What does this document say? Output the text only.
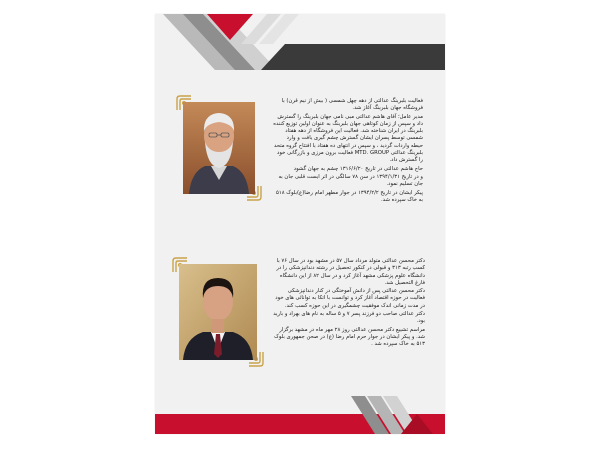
فعالیت بلبرینگ عدالتی از دهه چهل شمسی ( بیش از نیم قرن) با فروشگاه جهان بلبرینگ آغاز شد.

مدیر عامل؛ آقای هاشم عدالتی مبی نامی جهان بلبرینگ را گسترش داد و سپس از زمان کوتاهی جهان بلبرینگ به عنوان اولین توزیع کننده بلبرینگ در ایران شناخته شد. فعالیت این فروشگاه از دهه هفتاد شمسی توسط پسران ایشان گسترش چشم گیری یافت و وارد حیطه واردات گردید ، و سپس در انتهای ده هفتاد با افتتاح گروه متحد بلبرینگ عدالتی MTD. GROUP فعالیت برون مرزی و بازرگانی خود را گسترش داد.

حاج هاشم عدالتی در تاریخ ۱۳۱۶/۶/۲۰ چشم به جهان گشود

و در تاریخ ۱۳۹۴/۱/۳۱ در سن ۷۸ سالگی در اثر ایست قلبی جان به جان تسلیم نمود.

پیکر ایشان در تاریخ ۱۳۹۴/۲/۲ در جوار مطهر امام رضا(ع)بلوک ۵۱۸ به خاک سپرده شد.

دکتر محسن عدالتی متولد مرداد سال ۵۷ در مشهد بود در سال ۷۶ با کسب رتبه ۳۱۳ و قبولی در کنکور تحصیل در رشته دندانپزشکی را در دانشگاه علوم پزشکی مشهد آغاز کرد و در سال ۸۲ از این دانشگاه فارغ التحصیل شد.

دکتر محسن عدالتی پس از دانش آموختگی در کنار دندانپزشکی فعالیت در حوزه اقتصاد آغاز کرد و توانست با اتکا به توانائی های خود در مدت زمانی اندک موفقیت چشمگیری در این حوزه کسب کند.

دکتر عدالتی صاحب دو فرزند پسر ۷ و ۵ ساله به نام های بهراد و بارید بود.

مراسم تشییع دکتر محسن عدالتی روز ۲۸ مهر ماه در مشهد برگزار شد. و پیکر ایشان در جوار حرم امام رضا (ع) در صحن جمهوری بلوک ۵۱۳ به خاک سپرده شد .
